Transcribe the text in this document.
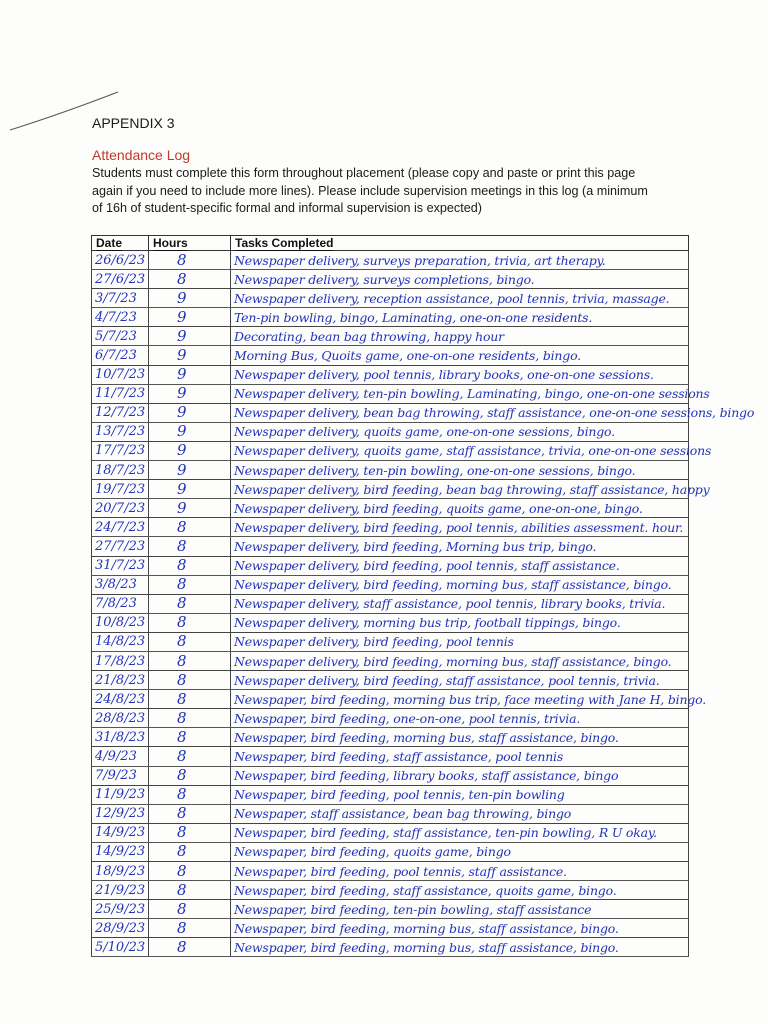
APPENDIX 3
Attendance Log

Students must complete this form throughout placement (please copy and paste or print this page again if you need to include more lines). Please include supervision meetings in this log (a minimum of 16h of student-specific formal and informal supervision is expected)

Date	Hours	Tasks Completed
26/6/23	8	Newspaper delivery, surveys preparation, trivia, art therapy.
27/6/23	8	Newspaper delivery, surveys completions, bingo.
3/7/23	9	Newspaper delivery, reception assistance, pool tennis, trivia, massage.
4/7/23	9	Ten-pin bowling, bingo, Laminating, one-on-one residents.
5/7/23	9	Decorating, bean bag throwing, happy hour
6/7/23	9	Morning Bus, Quoits game, one-on-one residents, bingo.
10/7/23	9	Newspaper delivery, pool tennis, library books, one-on-one sessions.
11/7/23	9	Newspaper delivery, ten-pin bowling, Laminating, bingo, one-on-one sessions
12/7/23	9	Newspaper delivery, bean bag throwing, staff assistance, one-on-one sessions, bingo
13/7/23	9	Newspaper delivery, quoits game, one-on-one sessions, bingo.
17/7/23	9	Newspaper delivery, quoits game, staff assistance, trivia, one-on-one sessions
18/7/23	9	Newspaper delivery, ten-pin bowling, one-on-one sessions, bingo.
19/7/23	9	Newspaper delivery, bird feeding, bean bag throwing, staff assistance, happy
20/7/23	9	Newspaper delivery, bird feeding, quoits game, one-on-one, bingo.
24/7/23	8	Newspaper delivery, bird feeding, pool tennis, abilities assessment. hour.
27/7/23	8	Newspaper delivery, bird feeding, Morning bus trip, bingo.
31/7/23	8	Newspaper delivery, bird feeding, pool tennis, staff assistance.
3/8/23	8	Newspaper delivery, bird feeding, morning bus, staff assistance, bingo.
7/8/23	8	Newspaper delivery, staff assistance, pool tennis, library books, trivia.
10/8/23	8	Newspaper delivery, morning bus trip, football tippings, bingo.
14/8/23	8	Newspaper delivery, bird feeding, pool tennis
17/8/23	8	Newspaper delivery, bird feeding, morning bus, staff assistance, bingo.
21/8/23	8	Newspaper delivery, bird feeding, staff assistance, pool tennis, trivia.
24/8/23	8	Newspaper, bird feeding, morning bus trip, face meeting with Jane H, bingo.
28/8/23	8	Newspaper, bird feeding, one-on-one, pool tennis, trivia.
31/8/23	8	Newspaper, bird feeding, morning bus, staff assistance, bingo.
4/9/23	8	Newspaper, bird feeding, staff assistance, pool tennis
7/9/23	8	Newspaper, bird feeding, library books, staff assistance, bingo
11/9/23	8	Newspaper, bird feeding, pool tennis, ten-pin bowling
12/9/23	8	Newspaper, staff assistance, bean bag throwing, bingo
14/9/23	8	Newspaper, bird feeding, staff assistance, ten-pin bowling, R U okay.
14/9/23	8	Newspaper, bird feeding, quoits game, bingo
18/9/23	8	Newspaper, bird feeding, pool tennis, staff assistance.
21/9/23	8	Newspaper, bird feeding, staff assistance, quoits game, bingo.
25/9/23	8	Newspaper, bird feeding, ten-pin bowling, staff assistance
28/9/23	8	Newspaper, bird feeding, morning bus, staff assistance, bingo.
5/10/23	8	Newspaper, bird feeding, morning bus, staff assistance, bingo.
